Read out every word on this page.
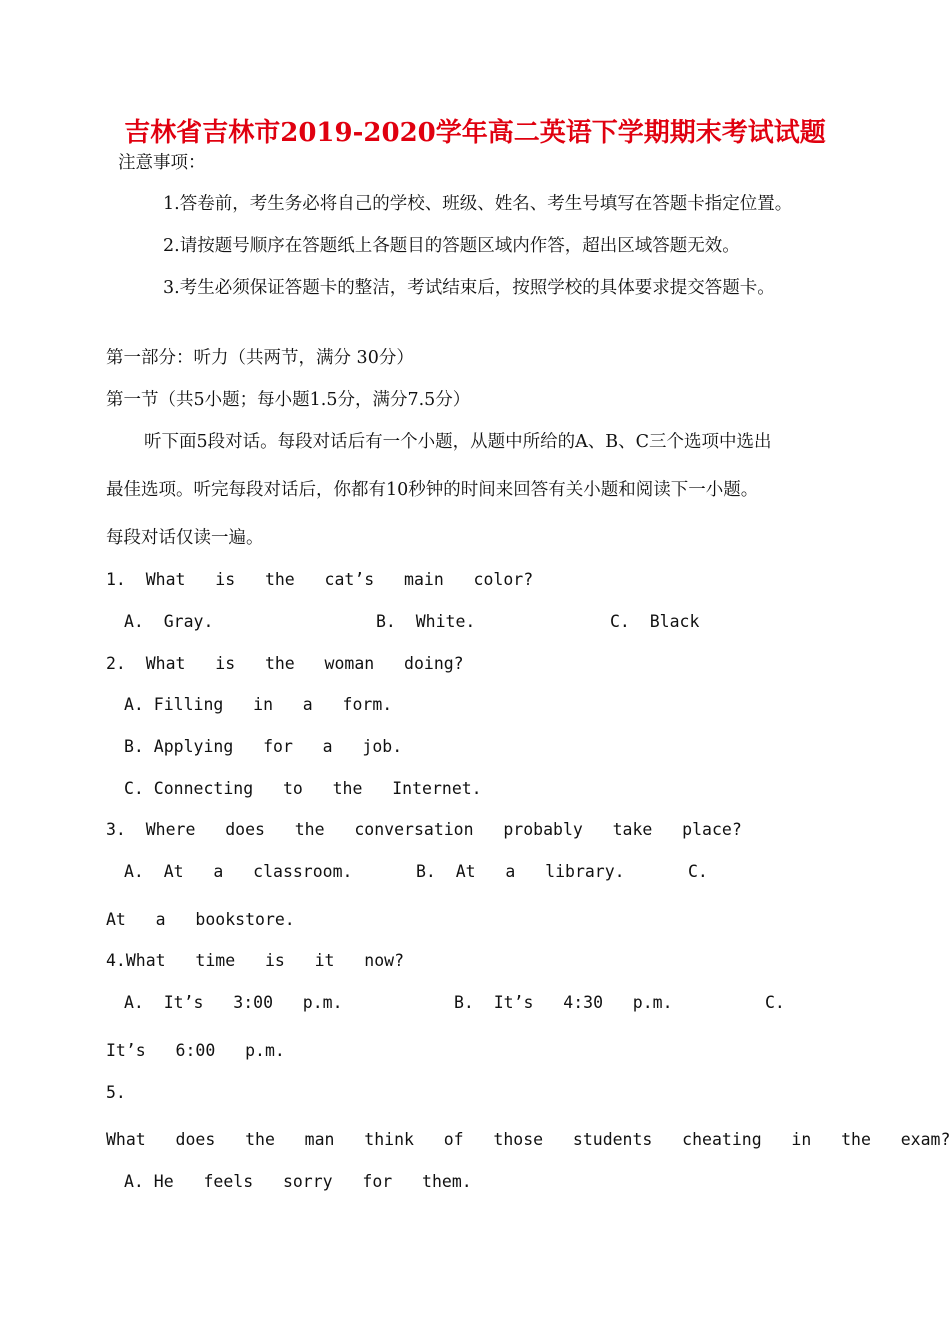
吉林省吉林市2019-2020学年高二英语下学期期末考试试题
注意事项：
1.答卷前，考生务必将自己的学校、班级、姓名、考生号填写在答题卡指定位置。
2.请按题号顺序在答题纸上各题目的答题区域内作答，超出区域答题无效。
3.考生必须保证答题卡的整洁，考试结束后，按照学校的具体要求提交答题卡。
第一部分：听力（共两节，满分 30分）
第一节（共5小题；每小题1.5分，满分7.5分）
听下面5段对话。每段对话后有一个小题，从题中所给的A、B、C三个选项中选出
最佳选项。听完每段对话后，你都有10秒钟的时间来回答有关小题和阅读下一小题。
每段对话仅读一遍。
1.  What   is   the   cat’s   main   color?
A.  Gray.	B.  White.	C.  Black
2.  What   is   the   woman   doing?
A. Filling   in   a   form.
B. Applying   for   a   job.
C. Connecting   to   the   Internet.
3.  Where   does   the   conversation   probably   take   place?
A.  At   a   classroom.	B.  At   a   library.	C.
At   a   bookstore.
4.What   time   is   it   now?
A.  It’s   3:00   p.m.	B.  It’s   4:30   p.m.	C.
It’s   6:00   p.m.
5.
What   does   the   man   think   of   those   students   cheating   in   the   exam?
A. He   feels   sorry   for   them.
